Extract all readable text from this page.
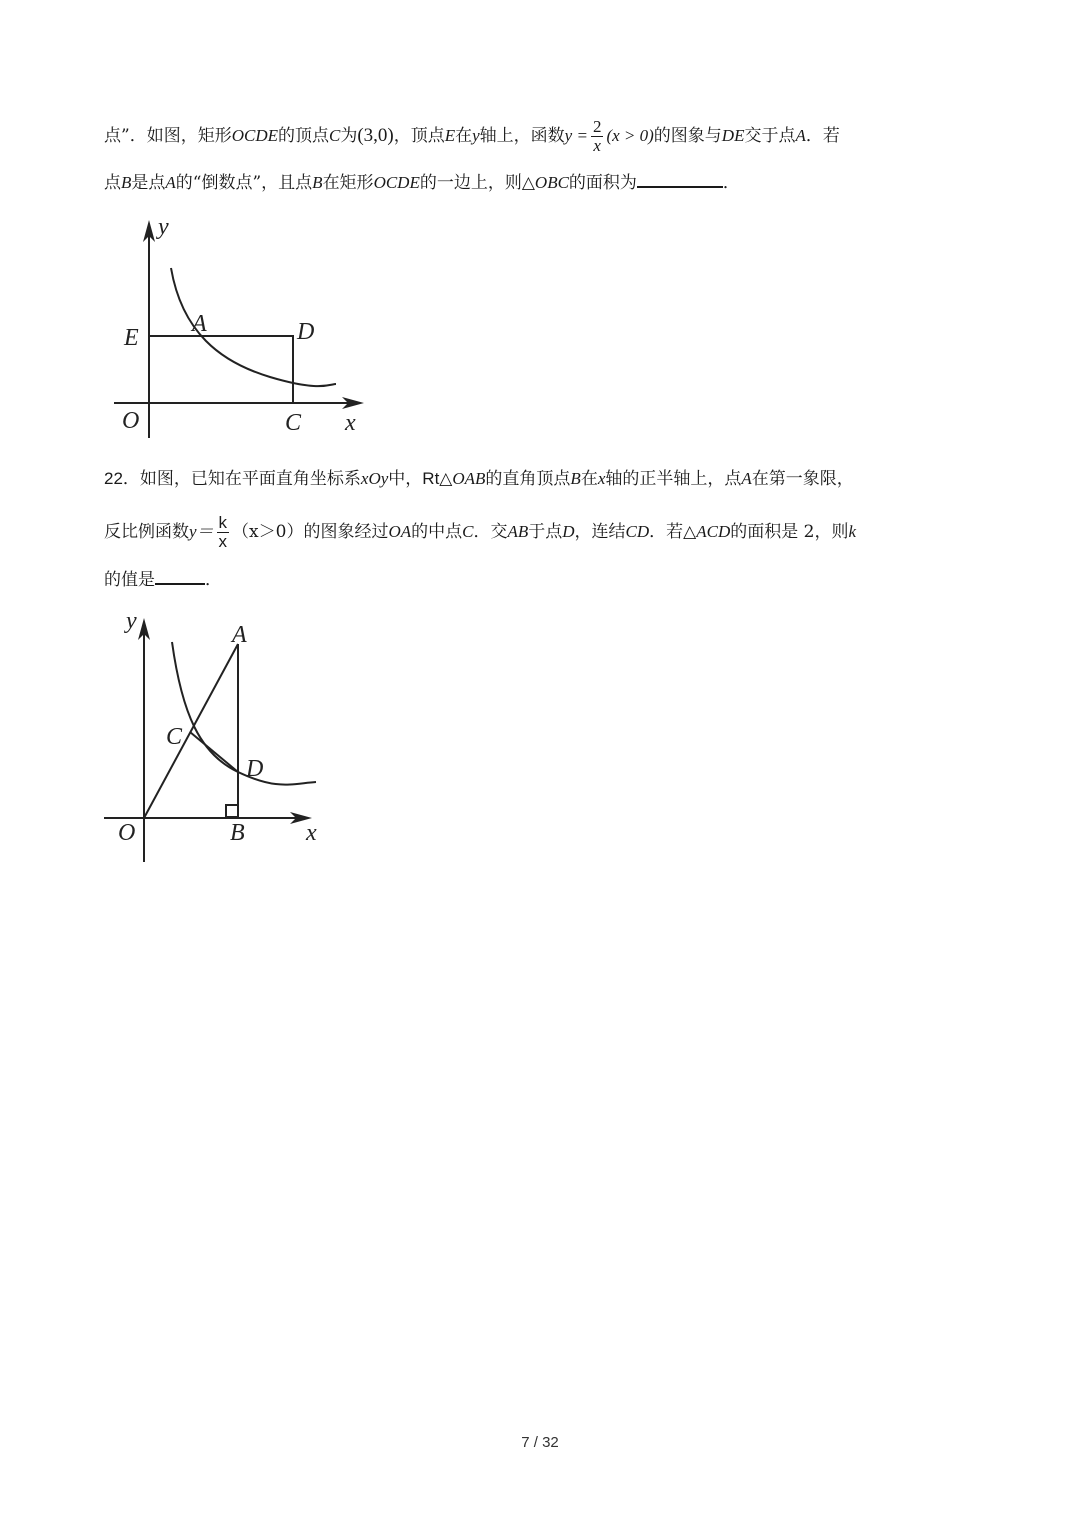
点”．如图，矩形OCDE的顶点C为(3,0)，顶点E在y轴上，函数$y = \frac{2}{x} (x > 0)$的图象与DE交于点A．若
点B是点A的“倒数点”，且点B在矩形OCDE的一边上，则△OBC的面积为	．
y
A	D
E
O	C x
22．如图，已知在平面直角坐标系xOy中，Rt△OAB的直角顶点B在x轴的正半轴上，点A在第一象限，
反比例函数$y= \frac{k}{x} (x>0)$的图象经过OA的中点C．交AB于点D，连结CD．若△ACD的面积是 2，则k
的值是	．
y
A
C
D
O	B	x
7 / 32
